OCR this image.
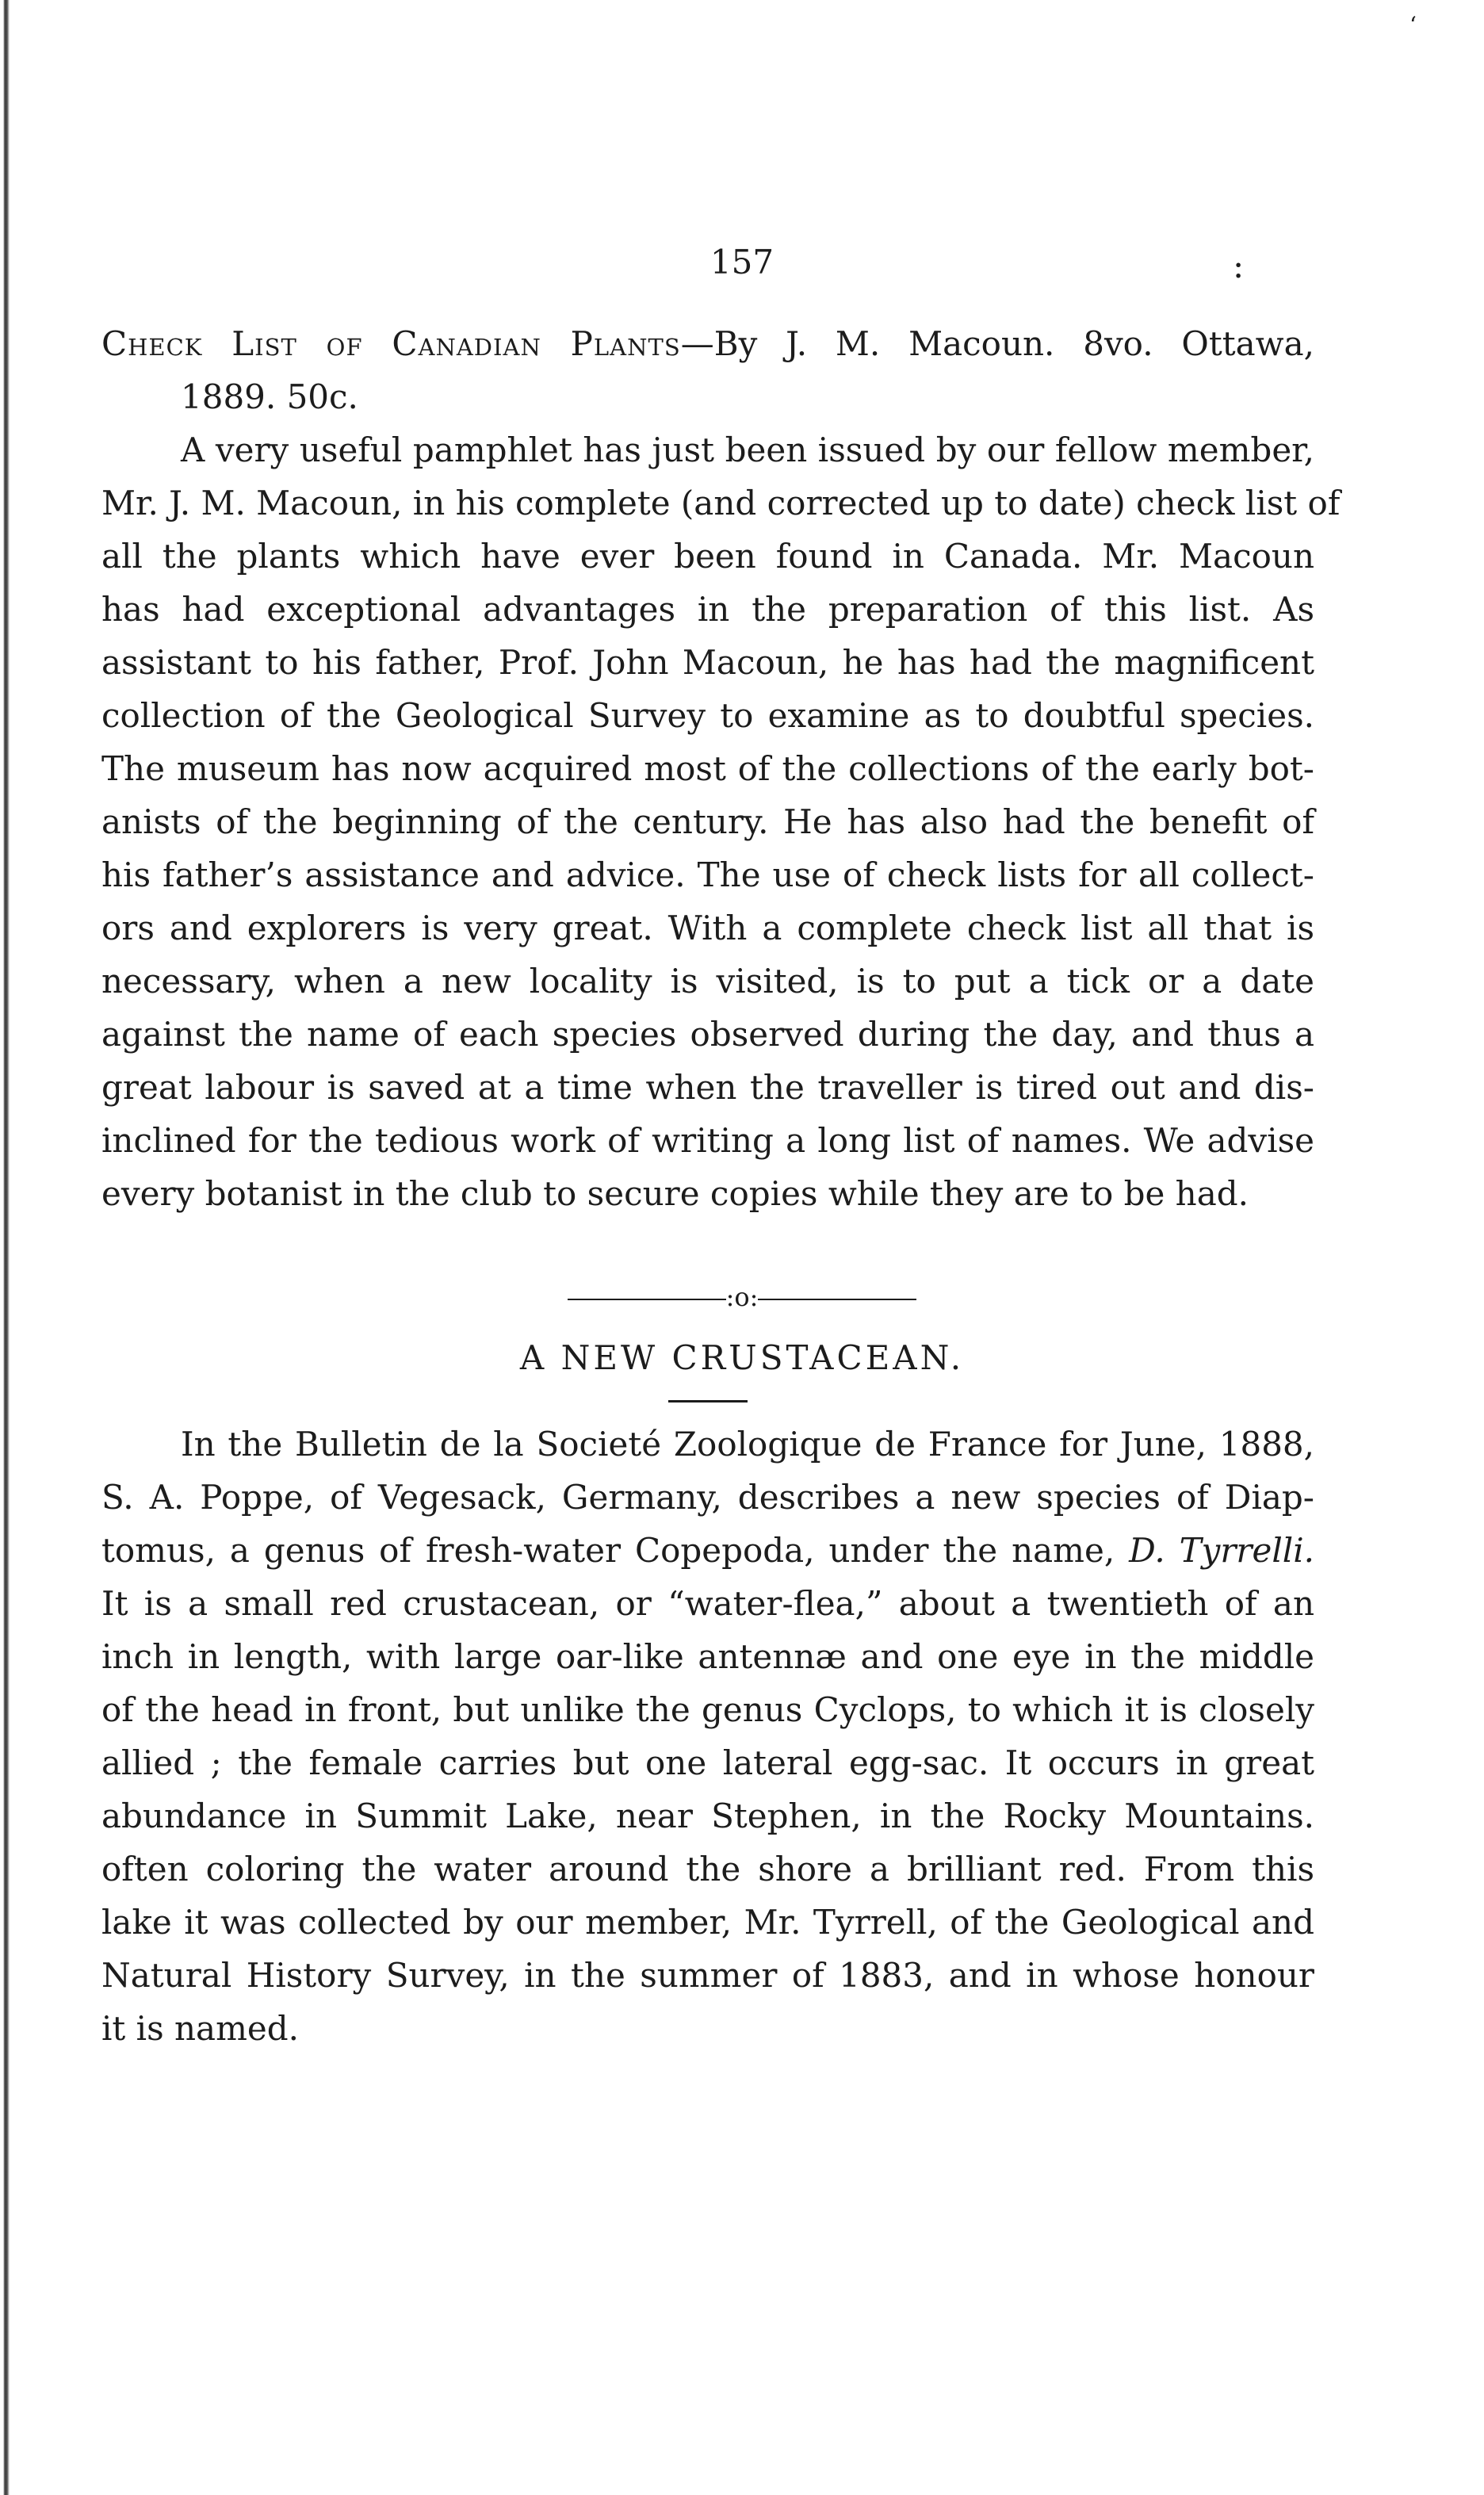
‘
157	:
Check List of Canadian Plants—By J. M. Macoun. 8vo. Ottawa,
1889. 50c.
A very useful pamphlet has just been issued by our fellow member,
Mr. J. M. Macoun, in his complete (and corrected up to date) check list of
all the plants which have ever been found in Canada. Mr. Macoun
has had exceptional advantages in the preparation of this list. As
assistant to his father, Prof. John Macoun, he has had the magnificent
collection of the Geological Survey to examine as to doubtful species.
The museum has now acquired most of the collections of the early bot-
anists of the beginning of the century. He has also had the benefit of
his father’s assistance and advice. The use of check lists for all collect-
ors and explorers is very great. With a complete check list all that is
necessary, when a new locality is visited, is to put a tick or a date
against the name of each species observed during the day, and thus a
great labour is saved at a time when the traveller is tired out and dis-
inclined for the tedious work of writing a long list of names. We advise
every botanist in the club to secure copies while they are to be had.
:o:
A NEW CRUSTACEAN.
In the Bulletin de la Societé Zoologique de France for June, 1888,
S. A. Poppe, of Vegesack, Germany, describes a new species of Diap-
tomus, a genus of fresh-water Copepoda, under the name, D. Tyrrelli.
It is a small red crustacean, or “water-flea,” about a twentieth of an
inch in length, with large oar-like antennæ and one eye in the middle
of the head in front, but unlike the genus Cyclops, to which it is closely
allied ; the female carries but one lateral egg-sac. It occurs in great
abundance in Summit Lake, near Stephen, in the Rocky Mountains.
often coloring the water around the shore a brilliant red. From this
lake it was collected by our member, Mr. Tyrrell, of the Geological and
Natural History Survey, in the summer of 1883, and in whose honour
it is named.
